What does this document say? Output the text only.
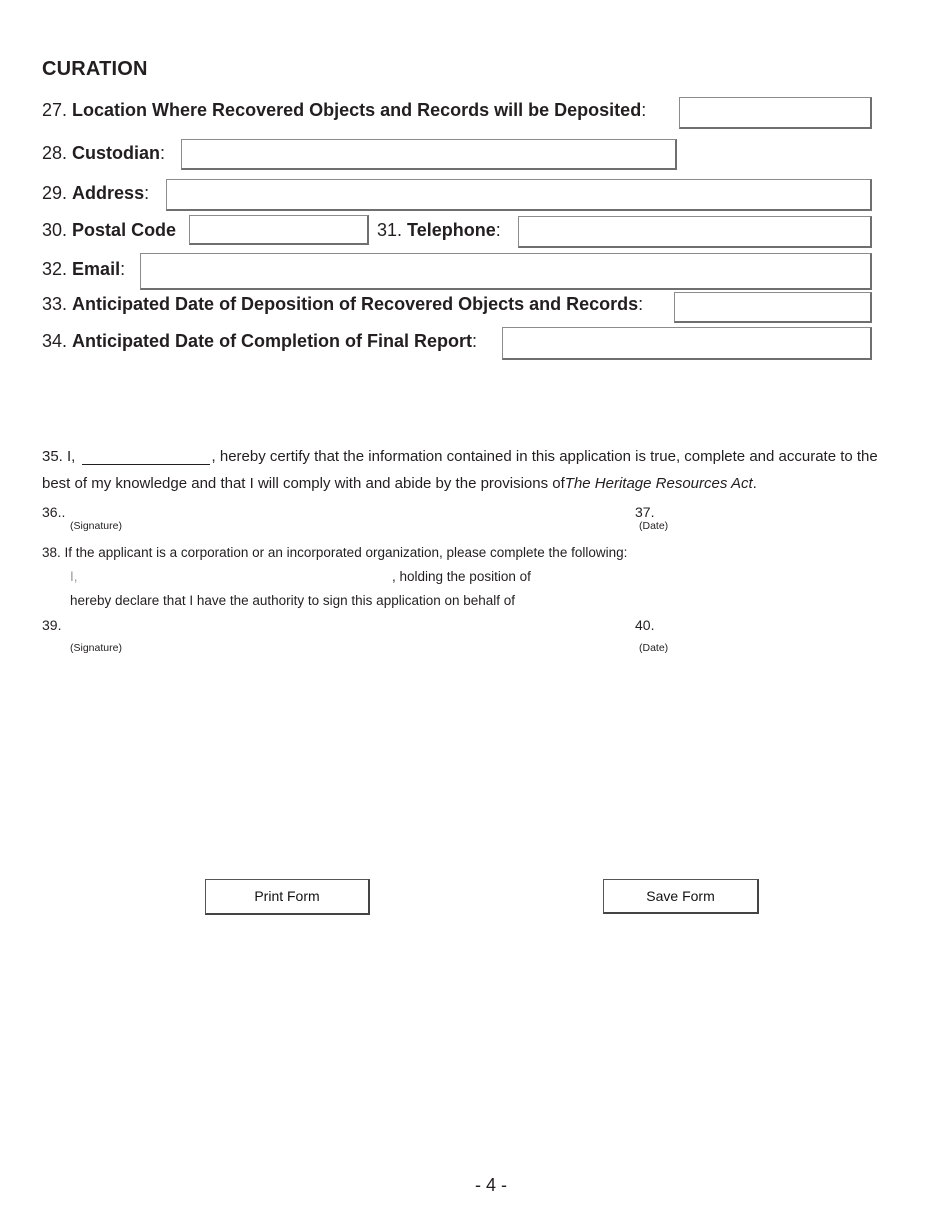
CURATION
27. Location Where Recovered Objects and Records will be Deposited:
28. Custodian:
29. Address:
30. Postal Code	31. Telephone:
32. Email:
33. Anticipated Date of Deposition of Recovered Objects and Records:
34. Anticipated Date of Completion of Final Report:
35. I,	, hereby certify that the information contained in this application is true, complete and accurate to the
best of my knowledge and that I will comply with and abide by the provisions ofThe Heritage Resources Act.
36..
(Signature)
37.
(Date)
38. If the applicant is a corporation or an incorporated organization, please complete the following:
I,	, holding the position of
hereby declare that I have the authority to sign this application on behalf of
39.
(Signature)
40.
(Date)
Print Form	Save Form
- 4 -
